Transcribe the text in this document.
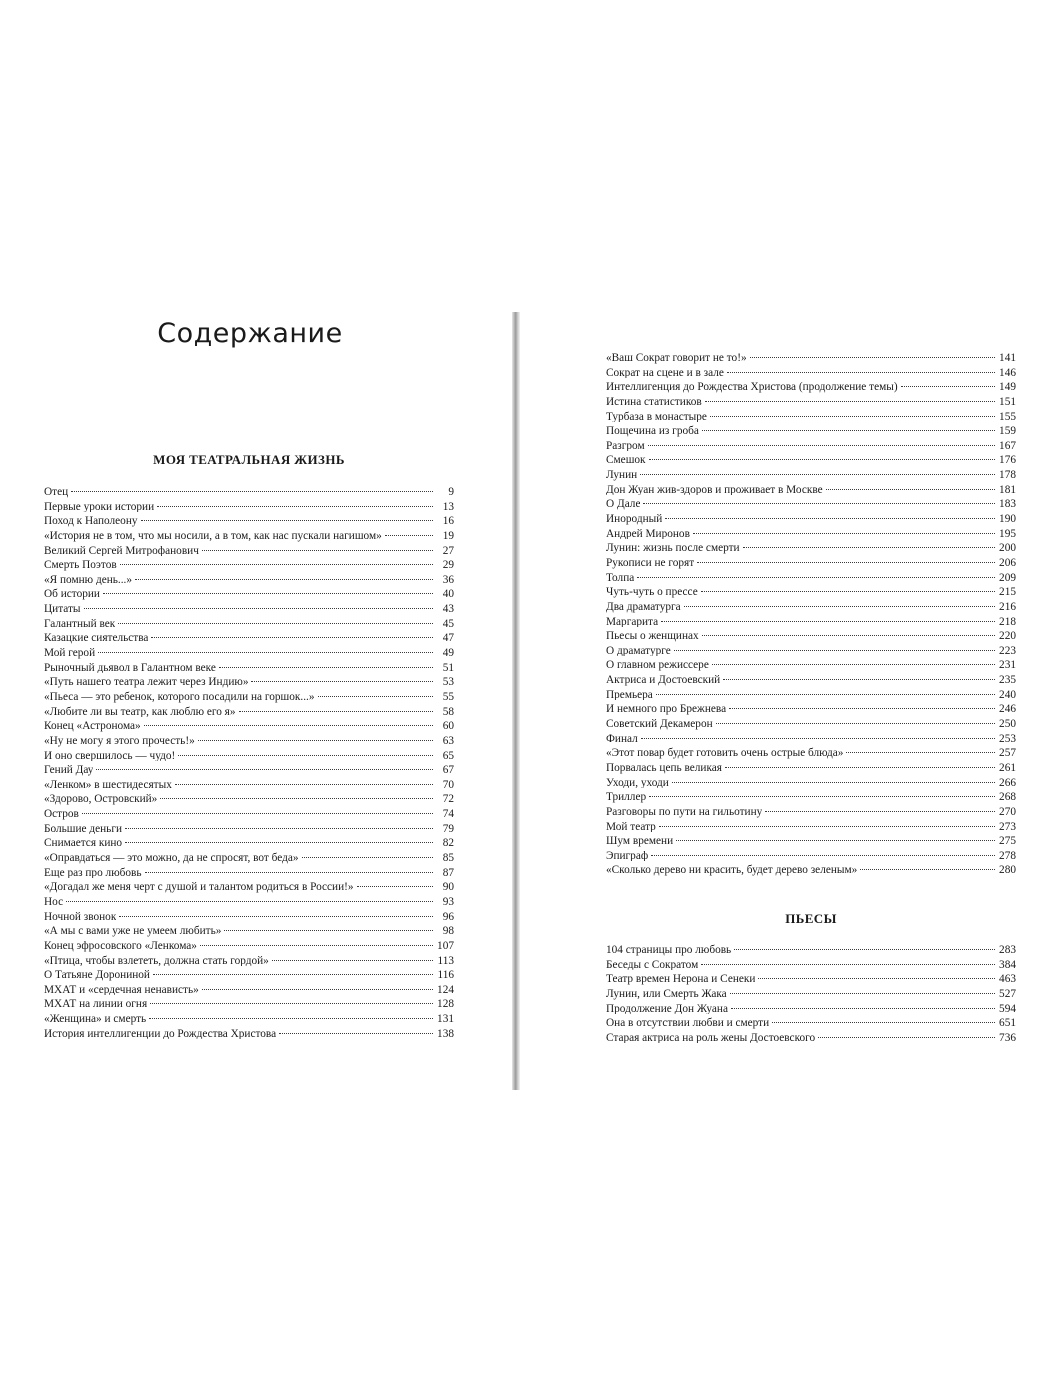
Содержание
МОЯ ТЕАТРАЛЬНАЯ ЖИЗНЬ
Отец	9
Первые уроки истории	13
Поход к Наполеону	16
«История не в том, что мы носили, а в том, как нас пускали нагишом»	19
Великий Сергей Митрофанович	27
Смерть Поэтов	29
«Я помню день...»	36
Об истории	40
Цитаты	43
Галантный век	45
Казацкие сиятельства	47
Мой герой	49
Рыночный дьявол в Галантном веке	51
«Путь нашего театра лежит через Индию»	53
«Пьеса — это ребенок, которого посадили на горшок...»	55
«Любите ли вы театр, как люблю его я»	58
Конец «Астронома»	60
«Ну не могу я этого прочесть!»	63
И оно свершилось — чудо!	65
Гений Дау	67
«Ленком» в шестидесятых	70
«Здорово, Островский»	72
Остров	74
Большие деньги	79
Снимается кино	82
«Оправдаться — это можно, да не спросят, вот беда»	85
Еще раз про любовь	87
«Догадал же меня черт с душой и талантом родиться в России!»	90
Нос	93
Ночной звонок	96
«А мы с вами уже не умеем любить»	98
Конец эфросовского «Ленкома»	107
«Птица, чтобы взлететь, должна стать гордой»	113
О Татьяне Дорониной	116
МХАТ и «сердечная ненависть»	124
МХАТ на линии огня	128
«Женщина» и смерть	131
История интеллигенции до Рождества Христова	138
«Ваш Сократ говорит не то!»	141
Сократ на сцене и в зале	146
Интеллигенция до Рождества Христова (продолжение темы)	149
Истина статистиков	151
Турбаза в монастыре	155
Пощечина из гроба	159
Разгром	167
Смешок	176
Лунин	178
Дон Жуан жив-здоров и проживает в Москве	181
О Дале	183
Инородный	190
Андрей Миронов	195
Лунин: жизнь после смерти	200
Рукописи не горят	206
Толпа	209
Чуть-чуть о прессе	215
Два драматурга	216
Маргарита	218
Пьесы о женщинах	220
О драматурге	223
О главном режиссере	231
Актриса и Достоевский	235
Премьера	240
И немного про Брежнева	246
Советский Декамерон	250
Финал	253
«Этот повар будет готовить очень острые блюда»	257
Порвалась цепь великая	261
Уходи, уходи	266
Триллер	268
Разговоры по пути на гильотину	270
Мой театр	273
Шум времени	275
Эпиграф	278
«Сколько дерево ни красить, будет дерево зеленым»	280
ПЬЕСЫ
104 страницы про любовь	283
Беседы с Сократом	384
Театр времен Нерона и Сенеки	463
Лунин, или Смерть Жака	527
Продолжение Дон Жуана	594
Она в отсутствии любви и смерти	651
Старая актриса на роль жены Достоевского	736
